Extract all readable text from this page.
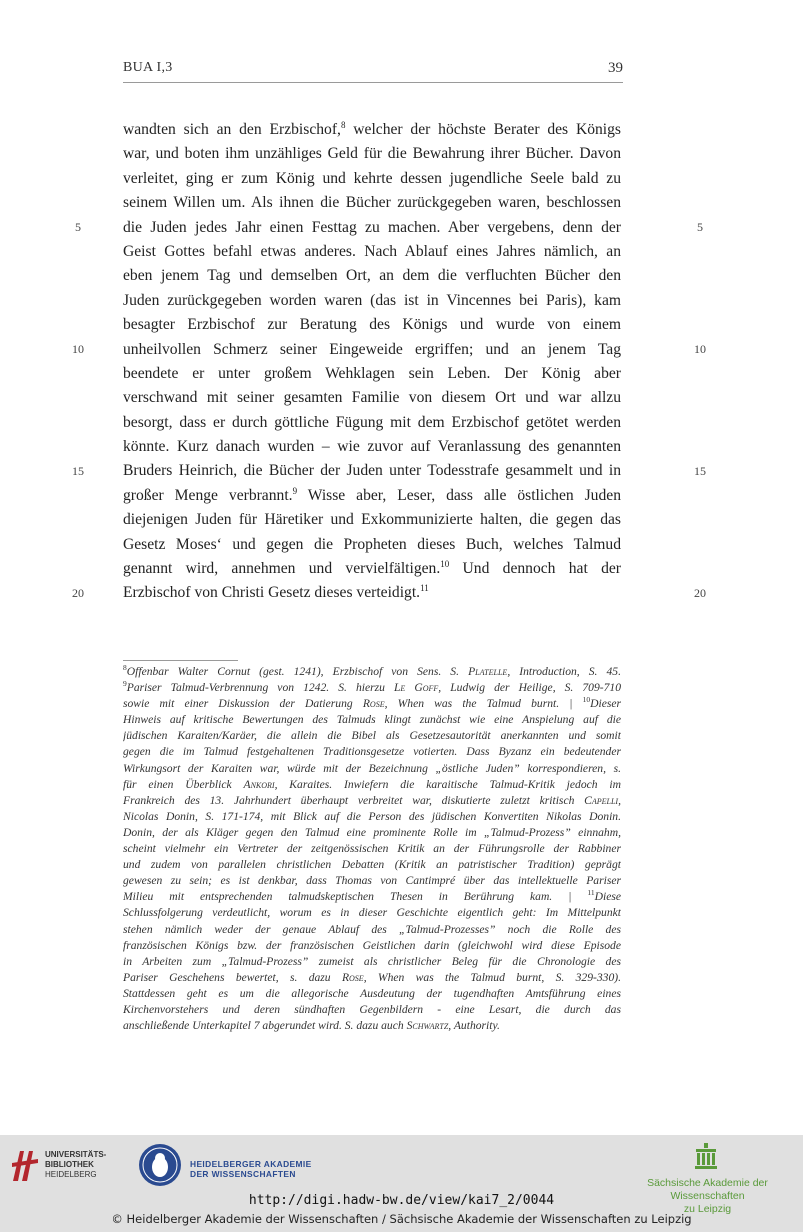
BUA I,3	39
wandten sich an den Erzbischof,$^8$ welcher der höchste Berater des Königs
war, und boten ihm unzähliges Geld für die Bewahrung ihrer Bücher. Davon
verleitet, ging er zum König und kehrte dessen jugendliche Seele bald zu
seinem Willen um. Als ihnen die Bücher zurückgegeben waren, beschlossen
die Juden jedes Jahr einen Festtag zu machen. Aber vergebens, denn der
Geist Gottes befahl etwas anderes. Nach Ablauf eines Jahres nämlich, an
eben jenem Tag und demselben Ort, an dem die verfluchten Bücher den
Juden zurückgegeben worden waren (das ist in Vincennes bei Paris), kam
besagter Erzbischof zur Beratung des Königs und wurde von einem
unheilvollen Schmerz seiner Eingeweide ergriffen; und an jenem Tag
beendete er unter großem Wehklagen sein Leben. Der König aber
verschwand mit seiner gesamten Familie von diesem Ort und war allzu
besorgt, dass er durch göttliche Fügung mit dem Erzbischof getötet werden
könnte. Kurz danach wurden – wie zuvor auf Veranlassung des genannten
Bruders Heinrich, die Bücher der Juden unter Todesstrafe gesammelt und in
großer Menge verbrannt.$^9$ Wisse aber, Leser, dass alle östlichen Juden
diejenigen Juden für Häretiker und Exkommunizierte halten, die gegen das
Gesetz Moses‘ und gegen die Propheten dieses Buch, welches Talmud
genannt wird, annehmen und vervielfältigen.$^{10}$ Und dennoch hat der
Erzbischof von Christi Gesetz dieses verteidigt.$^{11}$
5
10
15
20
5
10
15
20
$^8$Offenbar Walter Cornut (gest. 1241), Erzbischof von Sens. S. Platelle, Introduction, S. 45.
$^9$Pariser Talmud-Verbrennung von 1242. S. hierzu Le Goff, Ludwig der Heilige, S. 709-710
sowie mit einer Diskussion der Datierung Rose, When was the Talmud burnt. | $^{10}$Dieser
Hinweis auf kritische Bewertungen des Talmuds klingt zunächst wie eine Anspielung auf die
jüdischen Karaiten/Karäer, die allein die Bibel als Gesetzesautorität anerkannten und somit
gegen die im Talmud festgehaltenen Traditionsgesetze votierten. Dass Byzanz ein bedeutender
Wirkungsort der Karaiten war, würde mit der Bezeichnung „östliche Juden” korrespondieren, s.
für einen Überblick Ankori, Karaites. Inwiefern die karaitische Talmud-Kritik jedoch im
Frankreich des 13. Jahrhundert überhaupt verbreitet war, diskutierte zuletzt kritisch Capelli,
Nicolas Donin, S. 171-174, mit Blick auf die Person des jüdischen Konvertiten Nikolas Donin.
Donin, der als Kläger gegen den Talmud eine prominente Rolle im „Talmud-Prozess” einnahm,
scheint vielmehr ein Vertreter der zeitgenössischen Kritik an der Führungsrolle der Rabbiner
und zudem von parallelen christlichen Debatten (Kritik an patristischer Tradition) geprägt
gewesen zu sein; es ist denkbar, dass Thomas von Cantimpré über das intellektuelle Pariser
Milieu mit entsprechenden talmudskeptischen Thesen in Berührung kam. | $^{11}$Diese
Schlussfolgerung verdeutlicht, worum es in dieser Geschichte eigentlich geht: Im Mittelpunkt
stehen nämlich weder der genaue Ablauf des „Talmud-Prozesses” noch die Rolle des
französischen Königs bzw. der französischen Geistlichen darin (gleichwohl wird diese Episode
in Arbeiten zum „Talmud-Prozess” zumeist als christlicher Beleg für die Chronologie des
Pariser Geschehens bewertet, s. dazu Rose, When was the Talmud burnt, S. 329-330).
Stattdessen geht es um die allegorische Ausdeutung der tugendhaften Amtsführung eines
Kirchenvorstehers und deren sündhaften Gegenbildern - eine Lesart, die durch das
anschließende Unterkapitel 7 abgerundet wird. S. dazu auch Schwartz, Authority.
UNIVERSITÄTS-
BIBLIOTHEK
HEIDELBERG
HEIDELBERGER AKADEMIE
DER WISSENSCHAFTEN
Sächsische Akademie der Wissenschaften
zu Leipzig
http://digi.hadw-bw.de/view/kai7_2/0044
© Heidelberger Akademie der Wissenschaften / Sächsische Akademie der Wissenschaften zu Leipzig
